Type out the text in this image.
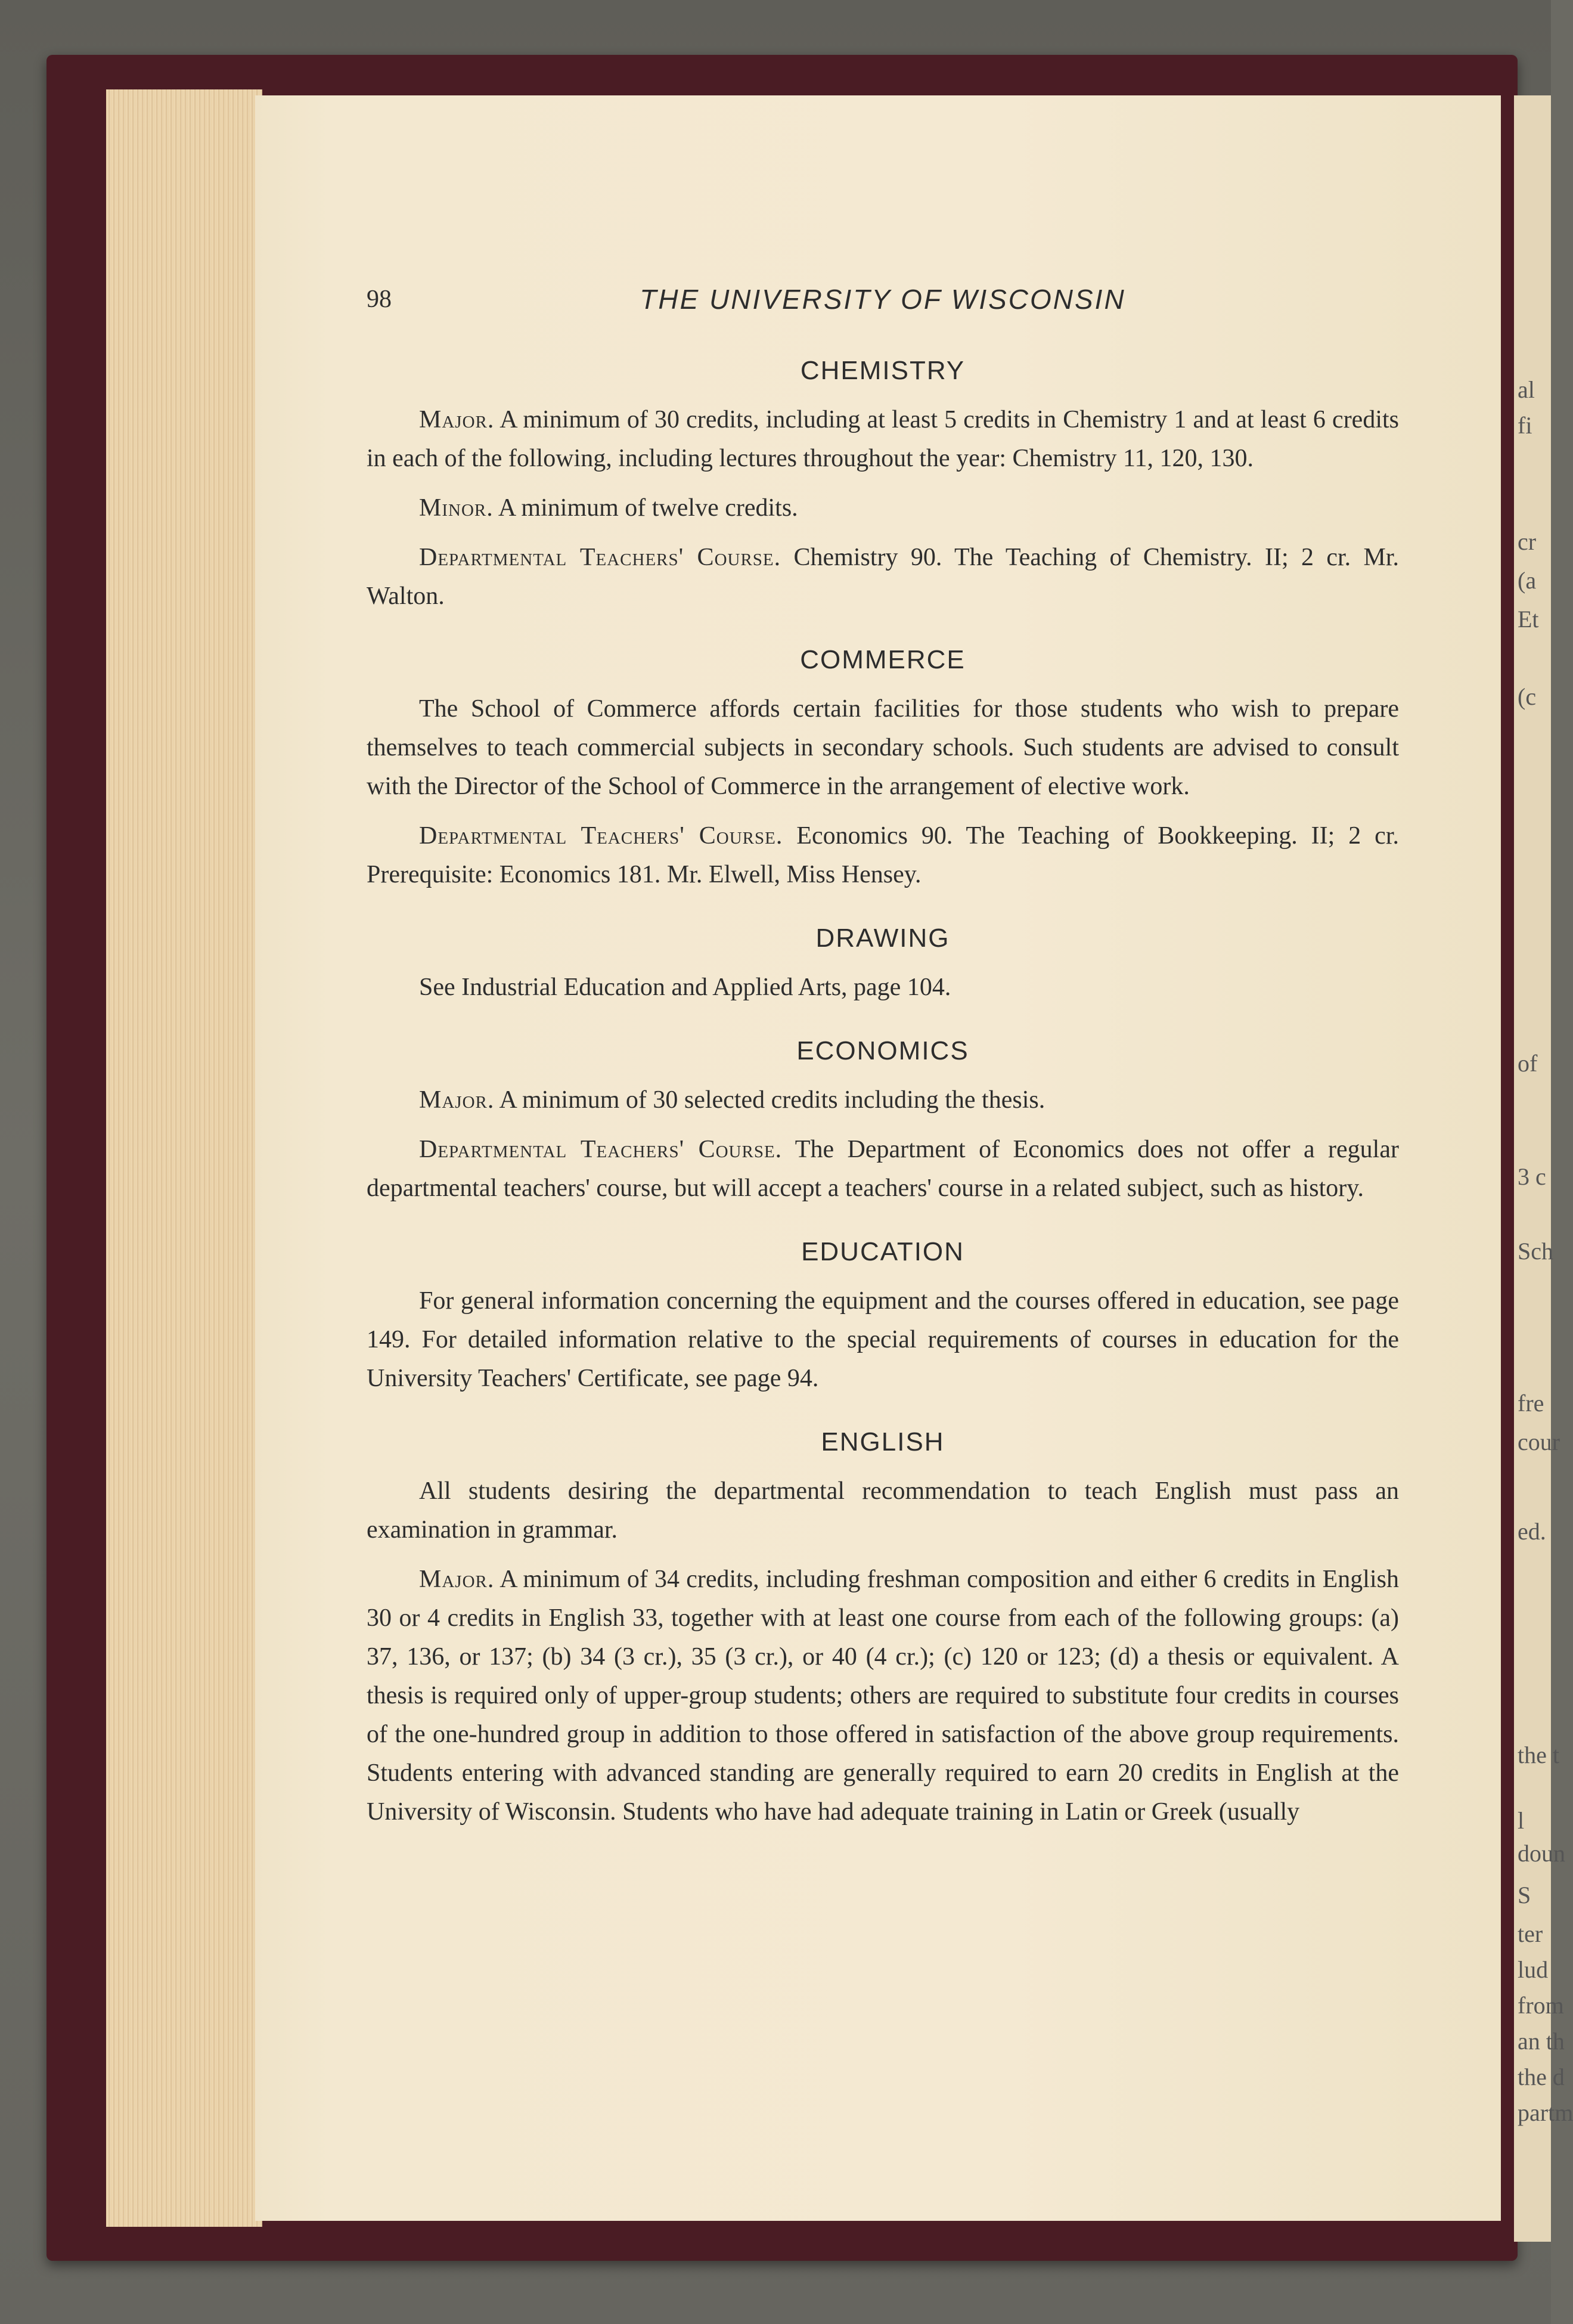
al
fi
cr
(a
Et
(c
of
3 c
Sch
fre
cour
ed.
the t
l
doun
S
ter
lud
from
an th
the d
partm
98	THE UNIVERSITY OF WISCONSIN
CHEMISTRY

Major. A minimum of 30 credits, including at least 5 credits in Chemistry 1 and at least 6 credits in each of the following, including lectures throughout the year: Chemistry 11, 120, 130.

Minor. A minimum of twelve credits.

Departmental Teachers' Course. Chemistry 90. The Teaching of Chemistry. II; 2 cr. Mr. Walton.

COMMERCE

The School of Commerce affords certain facilities for those students who wish to prepare themselves to teach commercial subjects in secondary schools. Such students are advised to consult with the Director of the School of Commerce in the arrangement of elective work.

Departmental Teachers' Course. Economics 90. The Teaching of Bookkeeping. II; 2 cr. Prerequisite: Economics 181. Mr. Elwell, Miss Hensey.

DRAWING

See Industrial Education and Applied Arts, page 104.

ECONOMICS

Major. A minimum of 30 selected credits including the thesis.

Departmental Teachers' Course. The Department of Economics does not offer a regular departmental teachers' course, but will accept a teachers' course in a related subject, such as history.

EDUCATION

For general information concerning the equipment and the courses offered in education, see page 149. For detailed information relative to the special requirements of courses in education for the University Teachers' Certificate, see page 94.

ENGLISH

All students desiring the departmental recommendation to teach English must pass an examination in grammar.

Major. A minimum of 34 credits, including freshman composition and either 6 credits in English 30 or 4 credits in English 33, together with at least one course from each of the following groups: (a) 37, 136, or 137; (b) 34 (3 cr.), 35 (3 cr.), or 40 (4 cr.); (c) 120 or 123; (d) a thesis or equivalent. A thesis is required only of upper-group students; others are required to substitute four credits in courses of the one-hundred group in addition to those offered in satisfaction of the above group requirements. Students entering with advanced standing are generally required to earn 20 credits in English at the University of Wisconsin. Students who have had adequate training in Latin or Greek (usually
